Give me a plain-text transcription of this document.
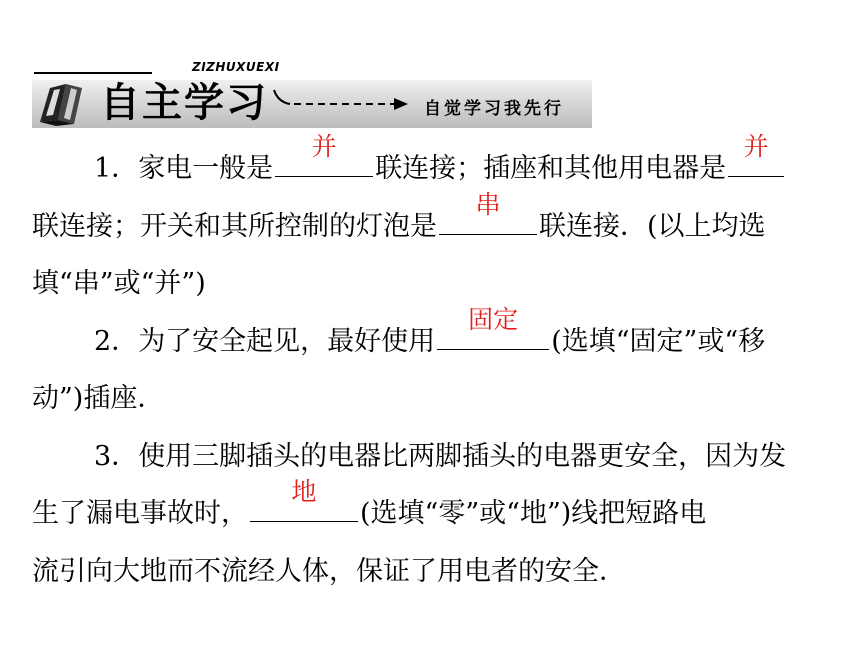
ZIZHUXUEXI
自主学习	自觉学习我先行
1．家电一般是
并
联连接；插座和其他用电器是
并
联连接；开关和其所控制的灯泡是
串
联连接．(以上均选
填“串”或“并”)
2．为了安全起见，最好使用
固定
(选填“固定”或“移
动”)插座．
3．使用三脚插头的电器比两脚插头的电器更安全，因为发
生了漏电事故时，
地
(选填“零”或“地”)线把短路电
流引向大地而不流经人体，保证了用电者的安全．
